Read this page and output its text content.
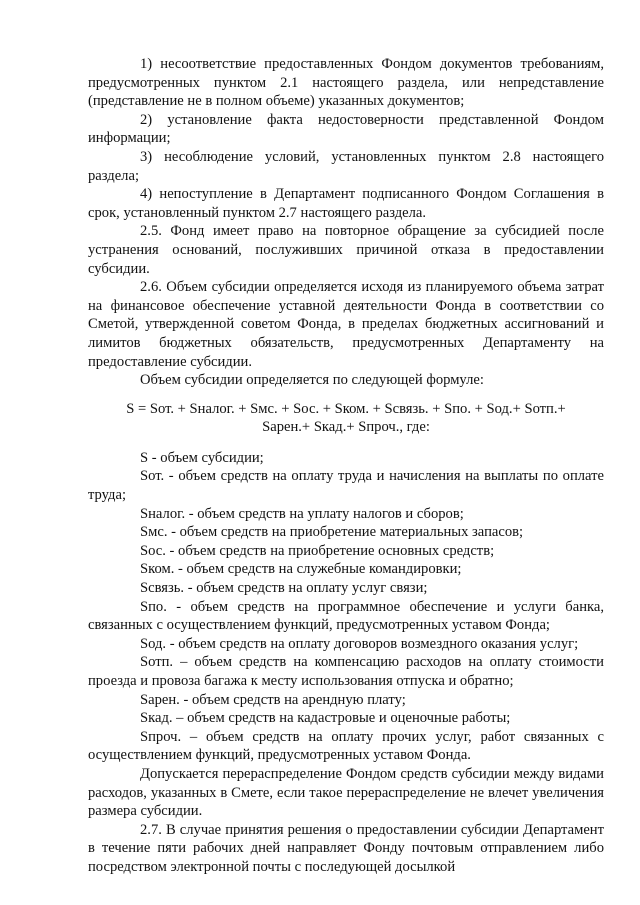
1) несоответствие предоставленных Фондом документов требованиям, предусмотренных пунктом 2.1 настоящего раздела, или непредставление (представление не в полном объеме) указанных документов;

2) установление факта недостоверности представленной Фондом информации;

3) несоблюдение условий, установленных пунктом 2.8 настоящего раздела;

4) непоступление в Департамент подписанного Фондом Соглашения в срок, установленный пунктом 2.7 настоящего раздела.

2.5. Фонд имеет право на повторное обращение за субсидией после устранения оснований, послуживших причиной отказа в предоставлении субсидии.

2.6. Объем субсидии определяется исходя из планируемого объема затрат на финансовое обеспечение уставной деятельности Фонда в соответствии со Сметой, утвержденной советом Фонда, в пределах бюджетных ассигнований и лимитов бюджетных обязательств, предусмотренных Департаменту на предоставление субсидии.

Объем субсидии определяется по следующей формуле:

S = Sот. + Sналог. + Sмс. + Sос. + Sком. + Sсвязь. + Sпо. + Sод.+ Sотп.+
Sарен.+ Sкад.+ Sпроч., где:
S - объем субсидии;
Sот. - объем средств на оплату труда и начисления на выплаты по оплате труда;
Sналог. - объем средств на уплату налогов и сборов;
Sмс. - объем средств на приобретение материальных запасов;
Sос. - объем средств на приобретение основных средств;
Sком. - объем средств на служебные командировки;
Sсвязь. - объем средств на оплату услуг связи;
Sпо. - объем средств на программное обеспечение и услуги банка, связанных с осуществлением функций, предусмотренных уставом Фонда;
Sод. - объем средств на оплату договоров возмездного оказания услуг;
Sотп. – объем средств на компенсацию расходов на оплату стоимости проезда и провоза багажа к месту использования отпуска и обратно;
Sарен. - объем средств на арендную плату;
Sкад. – объем средств на кадастровые и оценочные работы;
Sпроч. – объем средств на оплату прочих услуг, работ связанных с осуществлением функций, предусмотренных уставом Фонда.

Допускается перераспределение Фондом средств субсидии между видами расходов, указанных в Смете, если такое перераспределение не влечет увеличения размера субсидии.

2.7. В случае принятия решения о предоставлении субсидии Департамент в течение пяти рабочих дней направляет Фонду почтовым отправлением либо посредством электронной почты с последующей досылкой
